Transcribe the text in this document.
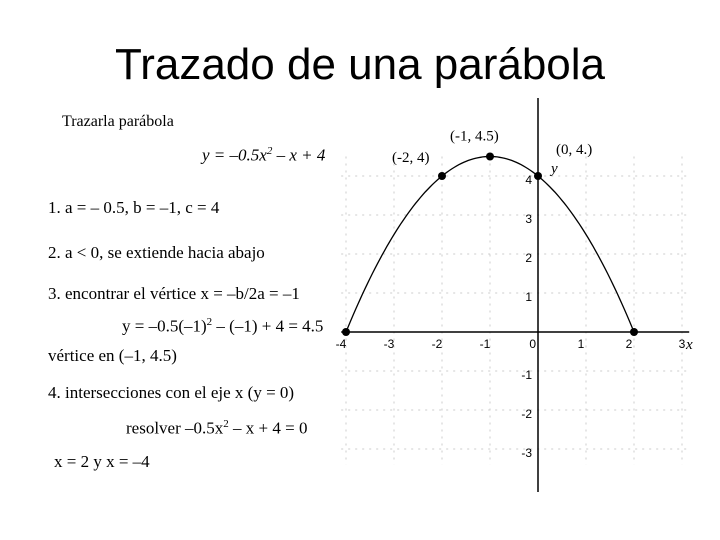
Trazado de una parábola
Trazarla parábola
$y = -0.5x^2 - x + 4$
1. a = – 0.5, b = –1, c = 4
2. a < 0, se extiende hacia abajo
3. encontrar el vértice x = –b/2a = –1
$y = -0.5(-1)^2 - (-1) + 4 = 4.5$
vértice en (–1, 4.5)
4. intersecciones con el eje x (y = 0)
resolver $-0.5x^2 - x + 4 = 0$
x = 2 y x = –4
x
y
-4	-3	-2	-1	0	1	2	3
4
3
2
1
-1
-2
-3
(-1, 4.5)
(-2, 4)	(0, 4.)
